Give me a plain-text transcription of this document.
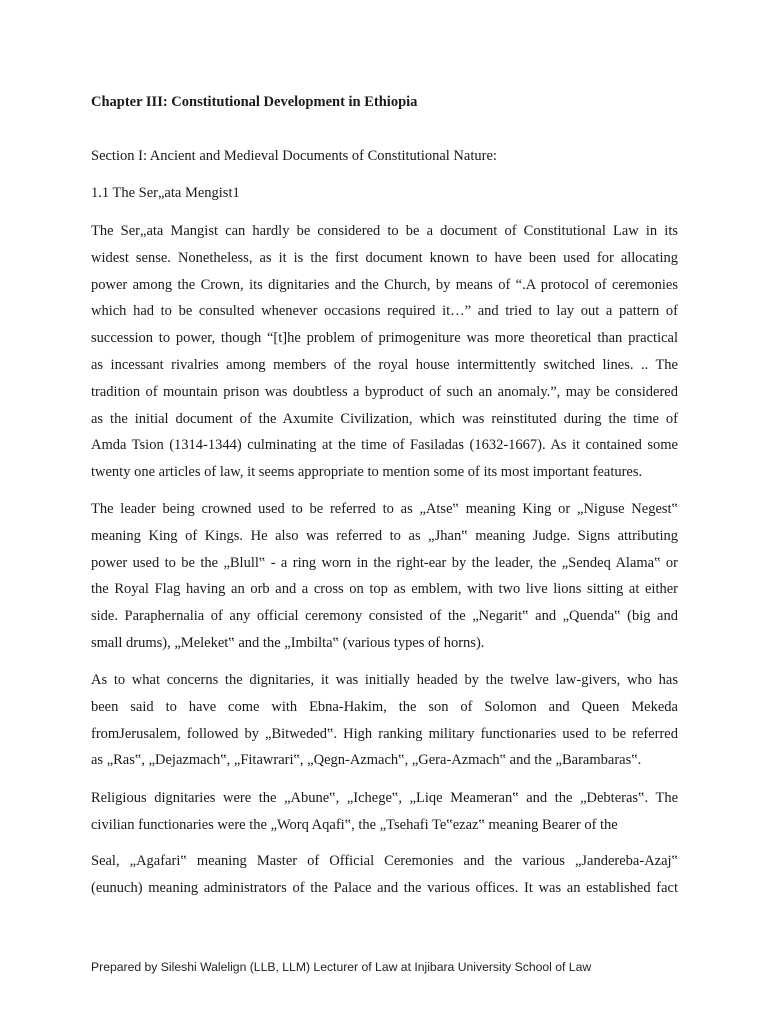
Chapter III: Constitutional Development in Ethiopia
Section I: Ancient and Medieval Documents of Constitutional Nature:
1.1 The Ser„ata Mengist1

The Ser„ata Mangist can hardly be considered to be a document of Constitutional Law in its
widest sense. Nonetheless, as it is the first document known to have been used for allocating
power among the Crown, its dignitaries and the Church, by means of “.A protocol of ceremonies
which had to be consulted whenever occasions required it…” and tried to lay out a pattern of
succession to power, though “[t]he problem of primogeniture was more theoretical than practical
as incessant rivalries among members of the royal house intermittently switched lines. .. The
tradition of mountain prison was doubtless a byproduct of such an anomaly.”, may be considered
as the initial document of the Axumite Civilization, which was reinstituted during the time of
Amda Tsion (1314-1344) culminating at the time of Fasiladas (1632-1667). As it contained some
twenty one articles of law, it seems appropriate to mention some of its most important features.

The leader being crowned used to be referred to as „Atse‟ meaning King or „Niguse Negest‟
meaning King of Kings. He also was referred to as „Jhan‟ meaning Judge. Signs attributing
power used to be the „Blull‟ - a ring worn in the right-ear by the leader, the „Sendeq Alama‟ or
the Royal Flag having an orb and a cross on top as emblem, with two live lions sitting at either
side. Paraphernalia of any official ceremony consisted of the „Negarit‟ and „Quenda‟ (big and
small drums), „Meleket‟ and the „Imbilta‟ (various types of horns).

As to what concerns the dignitaries, it was initially headed by the twelve law-givers, who has
been said to have come with Ebna-Hakim, the son of Solomon and Queen Mekeda
fromJerusalem, followed by „Bitweded‟. High ranking military functionaries used to be referred
as „Ras‟, „Dejazmach‟, „Fitawrari‟, „Qegn-Azmach‟, „Gera-Azmach‟ and the „Barambaras‟.

Religious dignitaries were the „Abune‟, „Ichege‟, „Liqe Meameran‟ and the „Debteras‟. The
civilian functionaries were the „Worq Aqafi‟, the „Tsehafi Te‟ezaz‟ meaning Bearer of the

Seal, „Agafari‟ meaning Master of Official Ceremonies and the various „Jandereba-Azaj‟
(eunuch) meaning administrators of the Palace and the various offices. It was an established fact

Prepared by Sileshi Walelign (LLB, LLM) Lecturer of Law at Injibara University School of Law
